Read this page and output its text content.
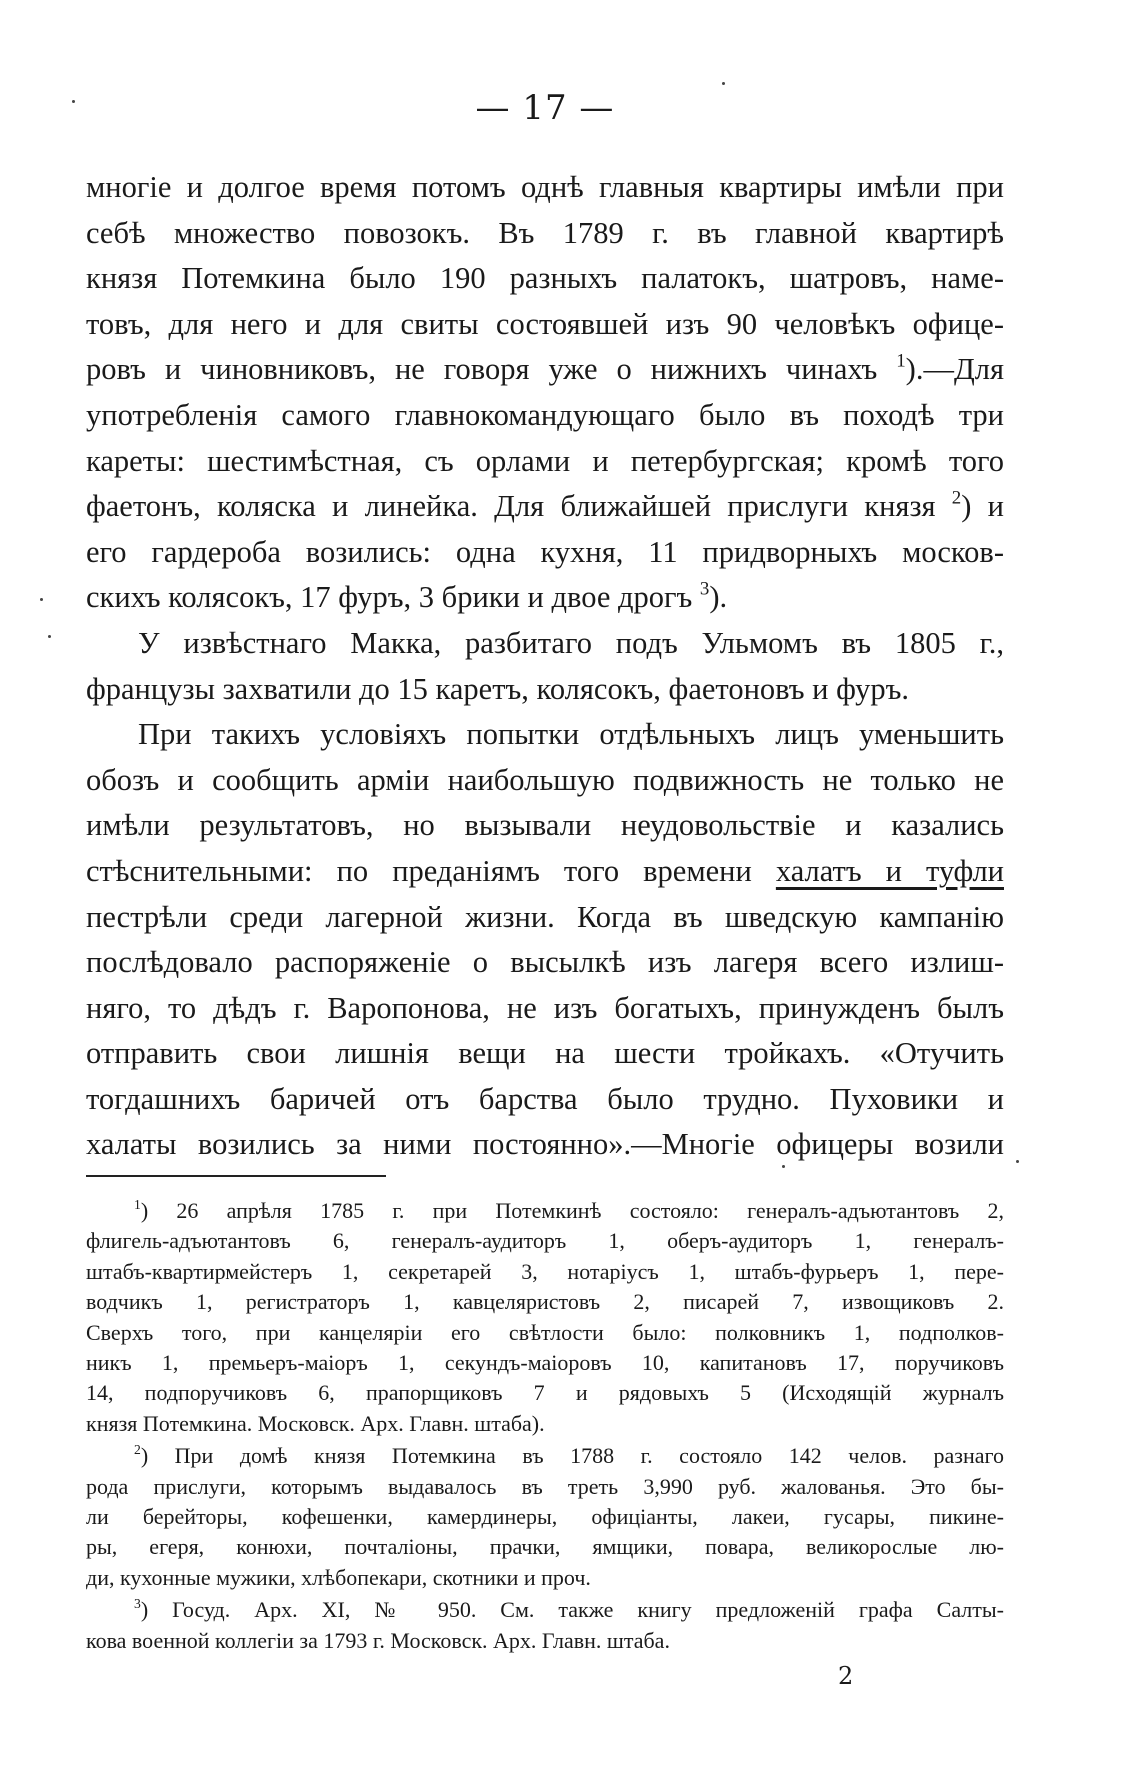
— 17 —
многіе и долгое время потомъ однѣ главныя квартиры имѣли при
себѣ множество повозокъ. Въ 1789 г. въ главной квартирѣ
князя Потемкина было 190 разныхъ палатокъ, шатровъ, наме-
товъ, для него и для свиты состоявшей изъ 90 человѣкъ офице-
ровъ и чиновниковъ, не говоря уже о нижнихъ чинахъ $^1$).—Для
употребленія самого главнокомандующаго было въ походѣ три
кареты: шестимѣстная, съ орлами и петербургская; кромѣ того
фаетонъ, коляска и линейка. Для ближайшей прислуги князя $^2$) и
его гардероба возились: одна кухня, 11 придворныхъ москов-
скихъ колясокъ, 17 фуръ, 3 брики и двое дрогъ $^3$).
У извѣстнаго Макка, разбитаго подъ Ульмомъ въ 1805 г.,
французы захватили до 15 каретъ, колясокъ, фаетоновъ и фуръ.
При такихъ условіяхъ попытки отдѣльныхъ лицъ уменьшить
обозъ и сообщить арміи наибольшую подвижность не только не
имѣли результатовъ, но вызывали неудовольствіе и казались
стѣснительными: по преданіямъ того времени халатъ и туфли
пестрѣли среди лагерной жизни. Когда въ шведскую кампанію
послѣдовало распоряженіе о высылкѣ изъ лагеря всего излиш-
няго, то дѣдъ г. Варопонова, не изъ богатыхъ, принужденъ былъ
отправить свои лишнія вещи на шести тройкахъ. «Отучить
тогдашнихъ баричей отъ барства было трудно. Пуховики и
халаты возились за ними постоянно».—Многіе офицеры возили
$^1$) 26 апрѣля 1785 г. при Потемкинѣ состояло: генералъ-адъютантовъ 2,
флигель-адъютантовъ 6, генералъ-аудиторъ 1, оберъ-аудиторъ 1, генералъ-
штабъ-квартирмейстеръ 1, секретарей 3, нотаріусъ 1, штабъ-фурьеръ 1, пере-
водчикъ 1, регистраторъ 1, кавцеляристовъ 2, писарей 7, извощиковъ 2.
Сверхъ того, при канцеляріи его свѣтлости было: полковникъ 1, подполков-
никъ 1, премьеръ-маіоръ 1, секундъ-маіоровъ 10, капитановъ 17, поручиковъ
14, подпоручиковъ 6, прапорщиковъ 7 и рядовыхъ 5 (Исходящій журналъ
князя Потемкина. Московск. Арх. Главн. штаба).
$^2$) При домѣ князя Потемкина въ 1788 г. состояло 142 челов. разнаго
рода прислуги, которымъ выдавалось въ треть 3,990 руб. жалованья. Это бы-
ли берейторы, кофешенки, камердинеры, офиціанты, лакеи, гусары, пикинe-
ры, егеря, конюхи, почталіоны, прачки, ямщики, повара, великорослые лю-
ди, кухонные мужики, хлѣбопекари, скотники и проч.
$^3$) Госуд. Арх. XI, № 950. См. также книгу предложеній графа Салты-
кова военной коллегіи за 1793 г. Московск. Арх. Главн. штаба.
2
